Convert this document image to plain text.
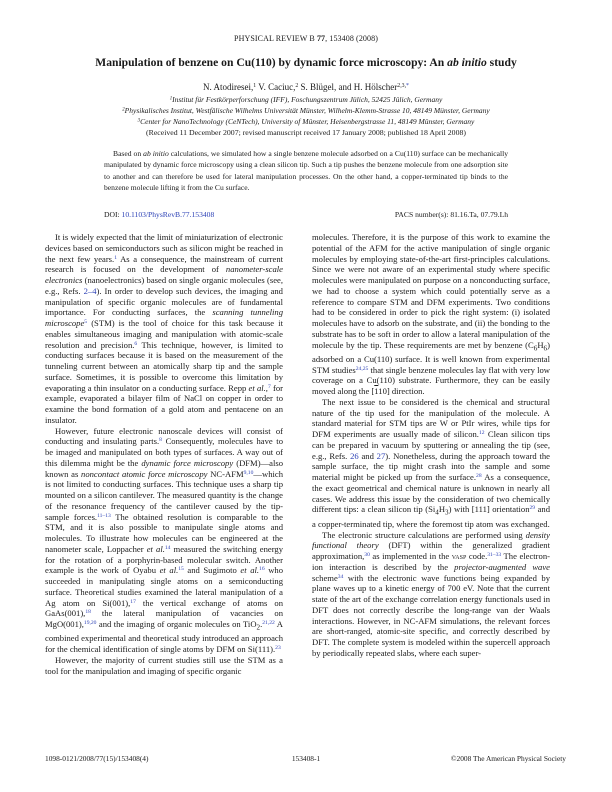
PHYSICAL REVIEW B 77, 153408 (2008)
Manipulation of benzene on Cu(110) by dynamic force microscopy: An ab initio study
N. Atodiresei,$^1$ V. Caciuc,$^2$ S. Blügel, and H. Hölscher$^{2,3,*}$
$^1$Institut für Festkörperforschung (IFF), Foschungszentrum Jülich, 52425 Jülich, Germany
$^2$Physikalisches Institut, Westfälische Wilhelms Universität Münster, Wilhelm-Klemm-Strasse 10, 48149 Münster, Germany
$^3$Center for NanoTechnology (CeNTech), University of Münster, Heisenbergstrasse 11, 48149 Münster, Germany
(Received 11 December 2007; revised manuscript received 17 January 2008; published 18 April 2008)
Based on ab initio calculations, we simulated how a single benzene molecule adsorbed on a Cu(110) surface can be mechanically manipulated by dynamic force microscopy using a clean silicon tip. Such a tip pushes the benzene molecule from one adsorption site to another and can therefore be used for lateral manipulation processes. On the other hand, a copper-terminated tip binds to the benzene molecule lifting it from the Cu surface.
DOI: 10.1103/PhysRevB.77.153408	PACS number(s): 81.16.Ta, 07.79.Lh

It is widely expected that the limit of miniaturization of electronic devices based on semiconductors such as silicon might be reached in the next few years.$^1$ As a consequence, the mainstream of current research is focused on the development of nanometer-scale electronics (nanoelectronics) based on single organic molecules (see, e.g., Refs. 2–4). In order to develop such devices, the imaging and manipulation of specific organic molecules are of fundamental importance. For conducting surfaces, the scanning tunneling microscope$^5$ (STM) is the tool of choice for this task because it enables simultaneous imaging and manipulation with atomic-scale resolution and precision.$^6$ This technique, however, is limited to conducting surfaces because it is based on the measurement of the tunneling current between an atomically sharp tip and the sample surface. Sometimes, it is possible to overcome this limitation by evaporating a thin insulator on a conducting surface. Repp et al.,$^7$ for example, evaporated a bilayer film of NaCl on copper in order to examine the bond formation of a gold atom and pentacene on an insulator.

However, future electronic nanoscale devices will consist of conducting and insulating parts.$^8$ Consequently, molecules have to be imaged and manipulated on both types of surfaces. A way out of this dilemma might be the dynamic force microscopy (DFM)—also known as noncontact atomic force microscopy NC-AFM$^{9,10}$—which is not limited to conducting surfaces. This technique uses a sharp tip mounted on a silicon cantilever. The measured quantity is the change of the resonance frequency of the cantilever caused by the tip-sample forces.$^{11-13}$ The obtained resolution is comparable to the STM, and it is also possible to manipulate single atoms and molecules. To illustrate how molecules can be engineered at the nanometer scale, Loppacher et al.$^{14}$ measured the switching energy for the rotation of a porphyrin-based molecular switch. Another example is the work of Oyabu et al.$^{15}$ and Sugimoto et al.$^{16}$ who succeeded in manipulating single atoms on a semiconducting surface. Theoretical studies examined the lateral manipulation of a Ag atom on Si(001),$^{17}$ the vertical exchange of atoms on GaAs(001),$^{18}$ the lateral manipulation of vacancies on MgO(001),$^{19,20}$ and the imaging of organic molecules on TiO$_2$.$^{21,22}$ A combined experimental and theoretical study introduced an approach for the chemical identification of single atoms by DFM on Si(111).$^{23}$

However, the majority of current studies still use the STM as a tool for the manipulation and imaging of specific organic

molecules. Therefore, it is the purpose of this work to examine the potential of the AFM for the active manipulation of single organic molecules by employing state-of-the-art first-principles calculations. Since we were not aware of an experimental study where specific molecules were manipulated on purpose on a nonconducting surface, we had to choose a system which could potentially serve as a reference to compare STM and DFM experiments. Two conditions had to be considered in order to pick the right system: (i) isolated molecules have to adsorb on the substrate, and (ii) the bonding to the substrate has to be soft in order to allow a lateral manipulation of the molecule by the tip. These requirements are met by benzene $(C_6H_6)$ adsorbed on a Cu(110) surface. It is well known from experimental STM studies$^{24,25}$ that single benzene molecules lay flat with very low coverage on a Cu(110) substrate. Furthermore, they can be easily moved along the [110] direction.

The next issue to be considered is the chemical and structural nature of the tip used for the manipulation of the molecule. A standard material for STM tips are W or PtIr wires, while tips for DFM experiments are usually made of silicon.$^{12}$ Clean silicon tips can be prepared in vacuum by sputtering or annealing the tip (see, e.g., Refs. 26 and 27). Nonetheless, during the approach toward the sample surface, the tip might crash into the sample and some material might be picked up from the surface.$^{28}$ As a consequence, the exact geometrical and chemical nature is unknown in nearly all cases. We address this issue by the consideration of two chemically different tips: a clean silicon tip $(Si_4H_3)$ with [111] orientation$^{29}$ and a copper-terminated tip, where the foremost tip atom was exchanged.

The electronic structure calculations are performed using density functional theory (DFT) within the generalized gradient approximation,$^{30}$ as implemented in the vasp code.$^{31-33}$ The electron-ion interaction is described by the projector-augmented wave scheme$^{34}$ with the electronic wave functions being expanded by plane waves up to a kinetic energy of 700 eV. Note that the current state of the art of the exchange correlation energy functionals used in DFT does not correctly describe the long-range van der Waals interactions. However, in NC-AFM simulations, the relevant forces are short-ranged, atomic-site specific, and correctly described by DFT. The complete system is modeled within the supercell approach by periodically repeated slabs, where each super-

1098-0121/2008/77(15)/153408(4)	153408-1	©2008 The American Physical Society
